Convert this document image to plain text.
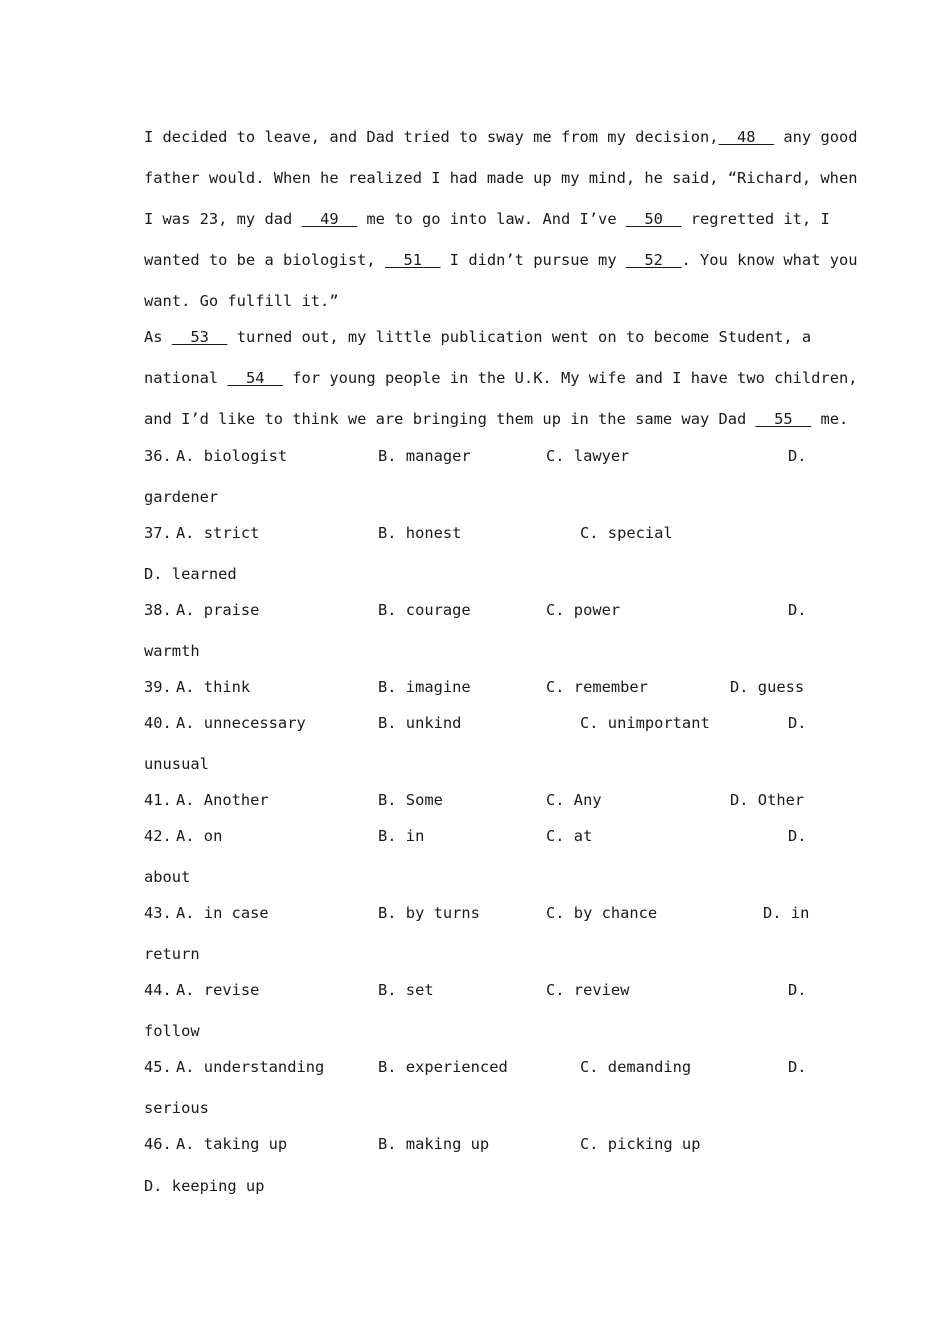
I decided to leave, and Dad tried to sway me from my decision,  48   any good
father would. When he realized I had made up my mind, he said, “Richard, when
I was 23, my dad   49   me to go into law. And I’ve   50   regretted it, I
wanted to be a biologist,   51   I didn’t pursue my   52  . You know what you
want. Go fulfill it.”
As   53   turned out, my little publication went on to become Student, a
national   54   for young people in the U.K. My wife and I have two children,
and I’d like to think we are bringing them up in the same way Dad   55   me.
36. A. biologist	B. manager	C. lawyer	D.
gardener
37. A. strict	B. honest	C. special
D. learned
38. A. praise	B. courage	C. power	D.
warmth
39. A. think	B. imagine	C. remember	D. guess
40. A. unnecessary	B. unkind	C. unimportant	D.
unusual
41. A. Another	B. Some	C. Any	D. Other
42. A. on	B. in	C. at	D.
about
43. A. in case	B. by turns	C. by chance	D. in
return
44. A. revise	B. set	C. review	D.
follow
45. A. understanding	B. experienced	C. demanding	D.
serious
46. A. taking up	B. making up	C. picking up
D. keeping up
